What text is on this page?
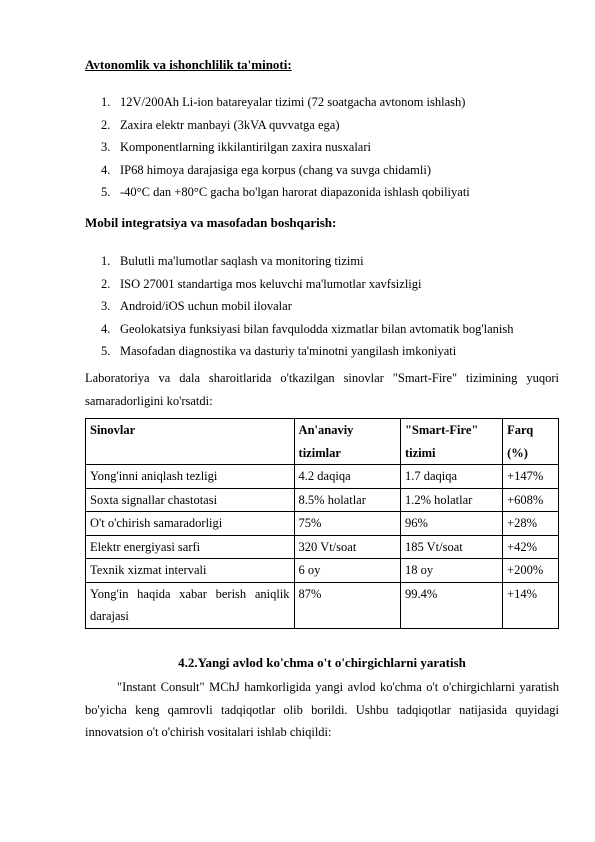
Avtonomlik va ishonchlilik ta'minoti:
1. 12V/200Ah Li-ion batareyalar tizimi (72 soatgacha avtonom ishlash)
2. Zaxira elektr manbayi (3kVA quvvatga ega)
3. Komponentlarning ikkilantirilgan zaxira nusxalari
4. IP68 himoya darajasiga ega korpus (chang va suvga chidamli)
5. -40°C dan +80°C gacha bo'lgan harorat diapazonida ishlash qobiliyati
Mobil integratsiya va masofadan boshqarish:
1. Bulutli ma'lumotlar saqlash va monitoring tizimi
2. ISO 27001 standartiga mos keluvchi ma'lumotlar xavfsizligi
3. Android/iOS uchun mobil ilovalar
4. Geolokatsiya funksiyasi bilan favqulodda xizmatlar bilan avtomatik bog'lanish
5. Masofadan diagnostika va dasturiy ta'minotni yangilash imkoniyati
Laboratoriya va dala sharoitlarida o'tkazilgan sinovlar "Smart-Fire" tizimining yuqori samaradorligini ko'rsatdi:
Sinovlar	An'anaviy tizimlar	"Smart-Fire" tizimi	Farq (%)
Yong'inni aniqlash tezligi	4.2 daqiqa	1.7 daqiqa	+147%
Soxta signallar chastotasi	8.5% holatlar	1.2% holatlar	+608%
O't o'chirish samaradorligi	75%	96%	+28%
Elektr energiyasi sarfi	320 Vt/soat	185 Vt/soat	+42%
Texnik xizmat intervali	6 oy	18 oy	+200%
Yong'in haqida xabar berish aniqlik darajasi	87%	99.4%	+14%
4.2.Yangi avlod ko'chma o't o'chirgichlarni yaratish
"Instant Consult" MChJ hamkorligida yangi avlod ko'chma o't o'chirgichlarni yaratish bo'yicha keng qamrovli tadqiqotlar olib borildi. Ushbu tadqiqotlar natijasida quyidagi innovatsion o't o'chirish vositalari ishlab chiqildi:
